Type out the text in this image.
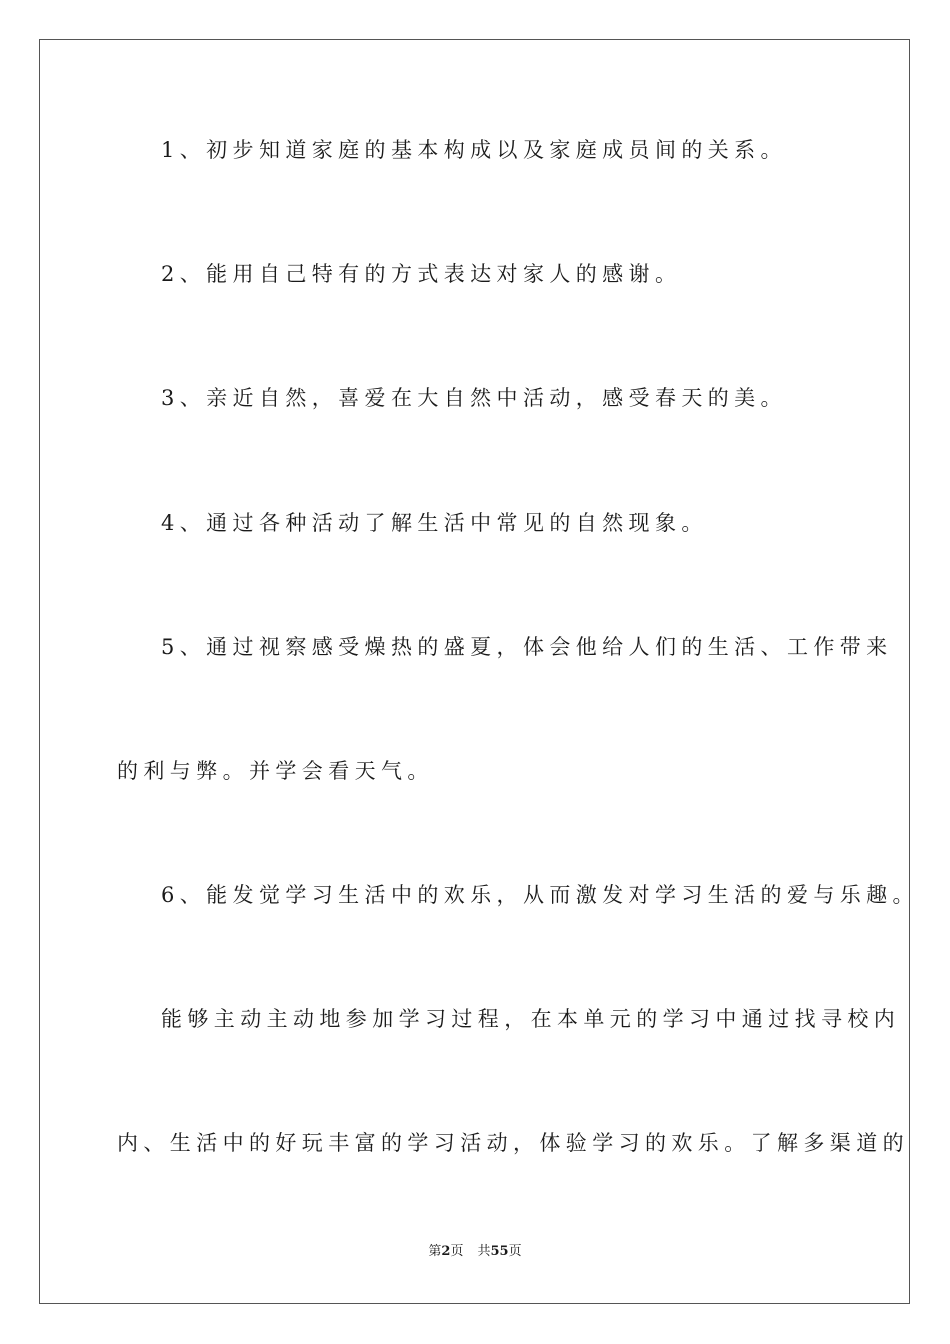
1、初步知道家庭的基本构成以及家庭成员间的关系。
2、能用自己特有的方式表达对家人的感谢。
3、亲近自然，喜爱在大自然中活动，感受春天的美。
4、通过各种活动了解生活中常见的自然现象。
5、通过视察感受燥热的盛夏，体会他给人们的生活、工作带来
的利与弊。并学会看天气。
6、能发觉学习生活中的欢乐，从而激发对学习生活的爱与乐趣。
能够主动主动地参加学习过程，在本单元的学习中通过找寻校内
内、生活中的好玩丰富的学习活动，体验学习的欢乐。了解多渠道的
第2页 共55页
